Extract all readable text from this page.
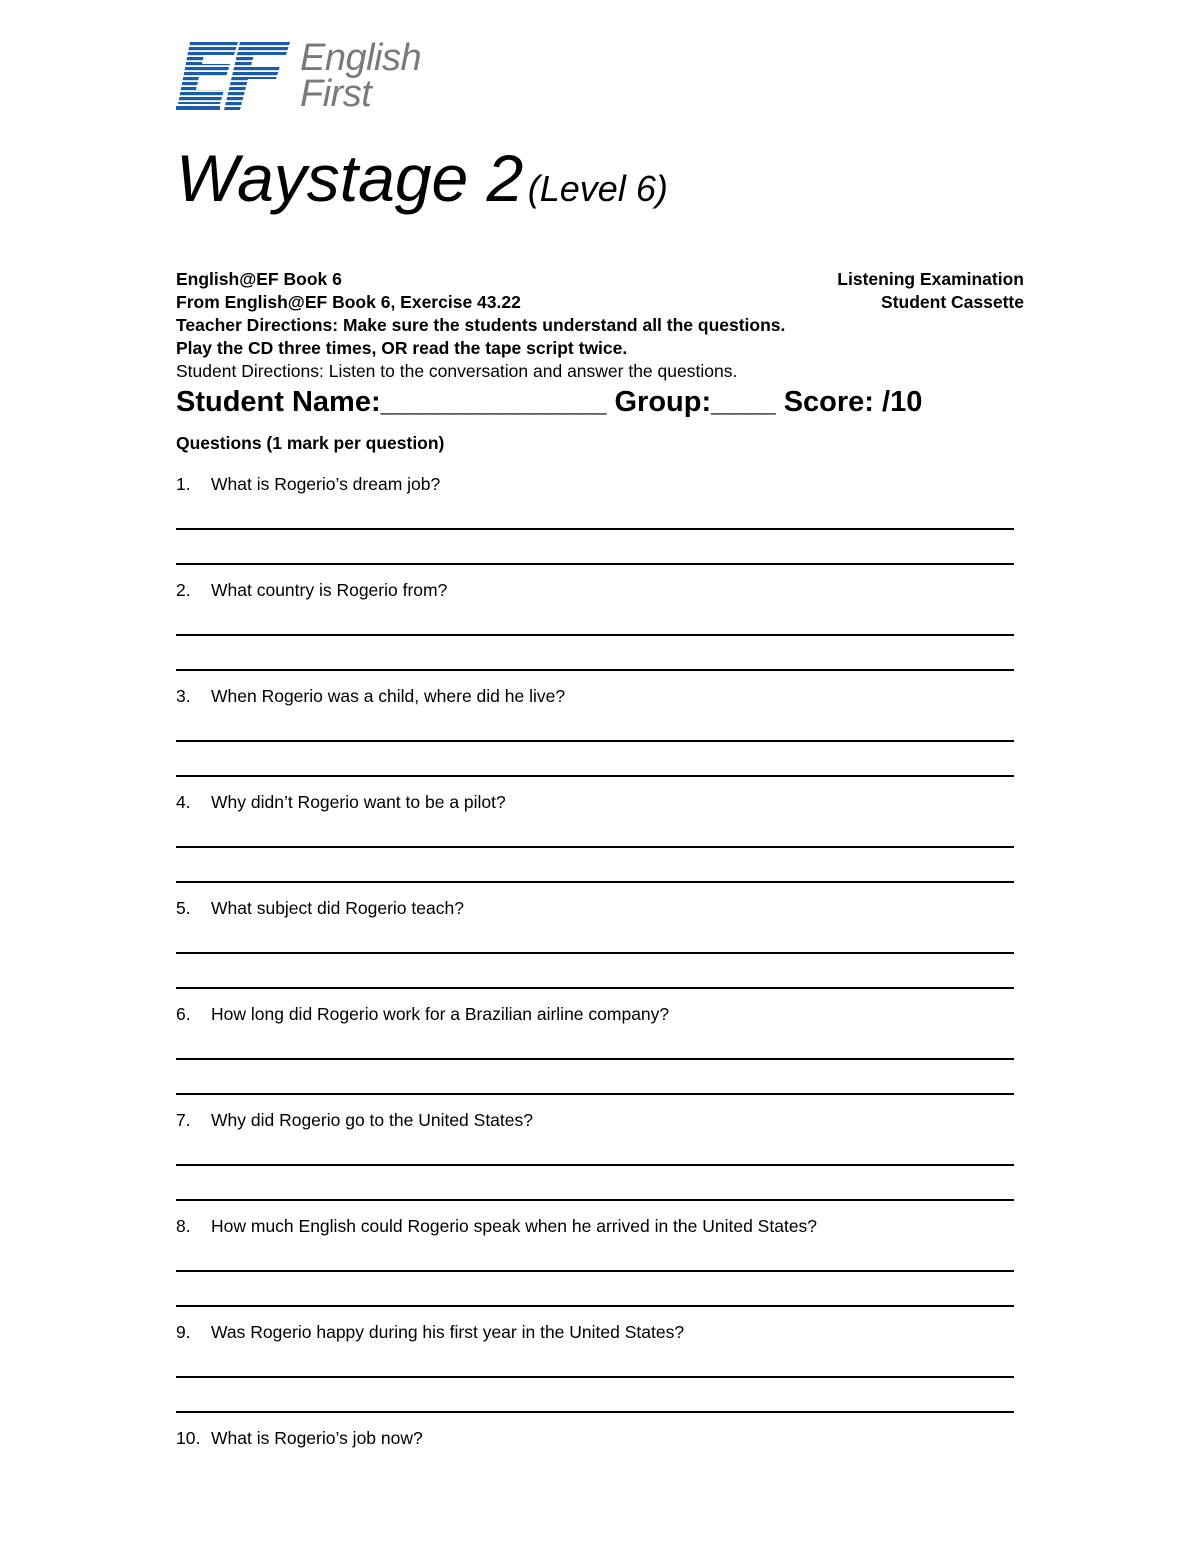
English
First
Waystage 2 (Level 6)
English@EF Book 6	Listening Examination
From English@EF Book 6, Exercise 43.22	Student Cassette
Teacher Directions: Make sure the students understand all the questions.
Play the CD three times, OR read the tape script twice.
Student Directions: Listen to the conversation and answer the questions.
Student Name:______________ Group:____ Score: /10
Questions (1 mark per question)
1. What is Rogerio’s dream job?
2. What country is Rogerio from?
3. When Rogerio was a child, where did he live?
4. Why didn’t Rogerio want to be a pilot?
5. What subject did Rogerio teach?
6. How long did Rogerio work for a Brazilian airline company?
7. Why did Rogerio go to the United States?
8. How much English could Rogerio speak when he arrived in the United States?
9. Was Rogerio happy during his first year in the United States?
10. What is Rogerio’s job now?
